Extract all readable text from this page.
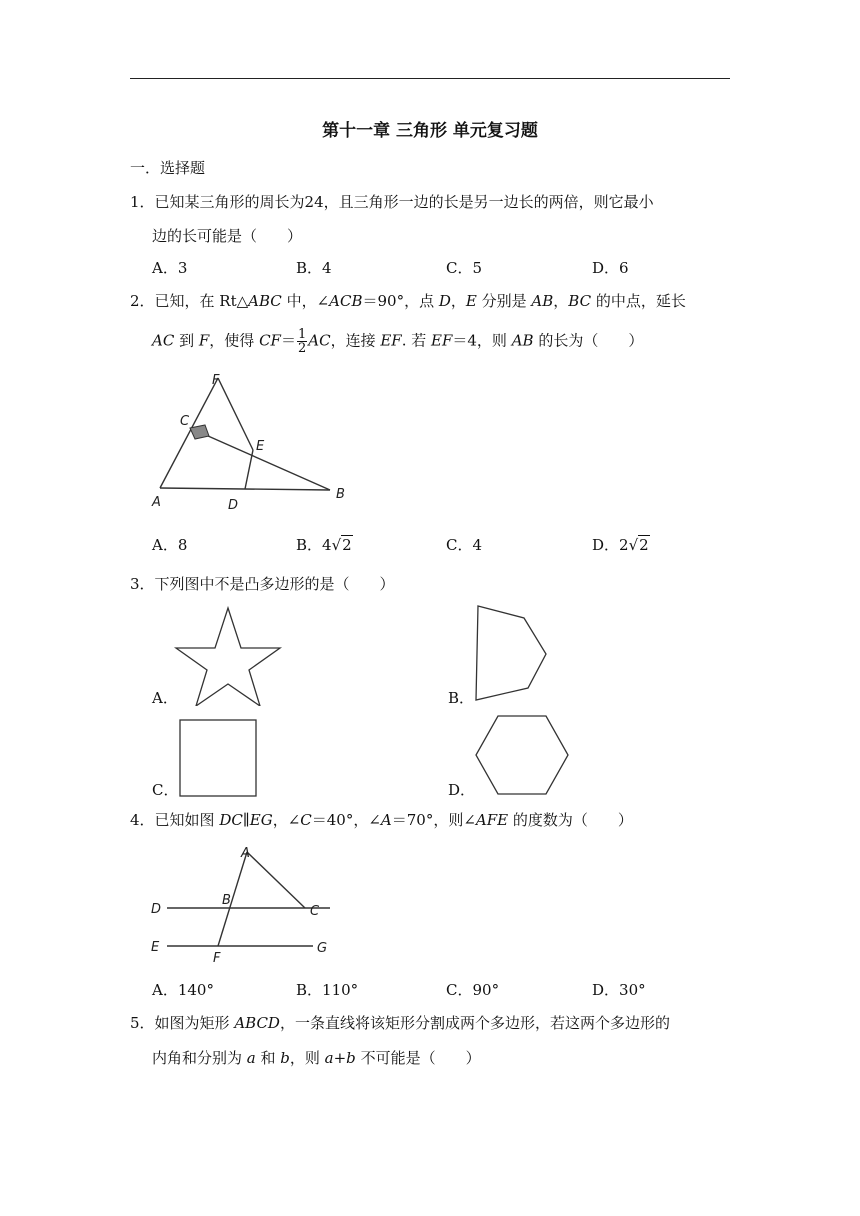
第十一章 三角形 单元复习题
一．选择题
1．已知某三角形的周长为24，且三角形一边的长是另一边长的两倍，则它最小
边的长可能是（　　）
A．3	B．4	C．5	D．6
2．已知，在 Rt△ABC 中，∠ACB＝90°，点 D，E 分别是 AB，BC 的中点，延长
AC 到 F，使得 $CF= \frac{1}{2}$ AC，连接 EF. 若 EF＝4，则 AB 的长为（　　）
F
C
E
A	D
B
A．8	B．4√2	C．4	D．2√2
3．下列图中不是凸多边形的是（　　）
A．	B．
C．	D．
4．已知如图 DC∥EG，∠C＝40°，∠A＝70°，则∠AFE 的度数为（　　）
A
B
D	C
E	G
F
A．140°	B．110°	C．90°	D．30°
5．如图为矩形 ABCD，一条直线将该矩形分割成两个多边形，若这两个多边形的
内角和分别为 a 和 b，则 a+b 不可能是（　　）
